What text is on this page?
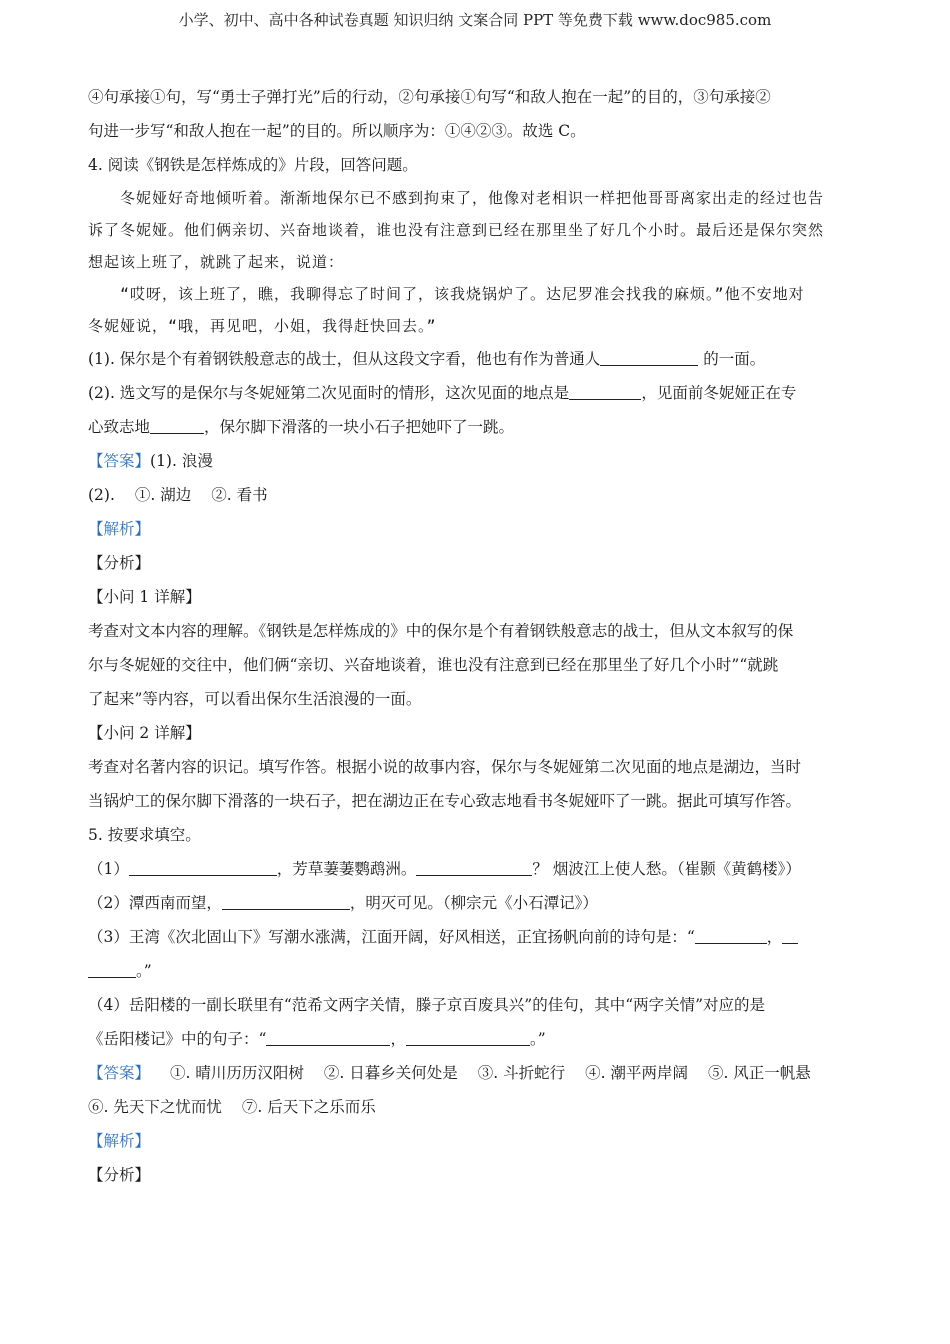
小学、初中、高中各种试卷真题 知识归纳 文案合同 PPT 等免费下载 www.doc985.com
④句承接①句，写“勇士子弹打光”后的行动，②句承接①句写“和敌人抱在一起”的目的，③句承接②
句进一步写“和敌人抱在一起”的目的。所以顺序为：①④②③。故选 C。
4. 阅读《钢铁是怎样炼成的》片段，回答问题。
冬妮娅好奇地倾听着。渐渐地保尔已不感到拘束了，他像对老相识一样把他哥哥离家出走的经过也告
诉了冬妮娅。他们俩亲切、兴奋地谈着，谁也没有注意到已经在那里坐了好几个小时。最后还是保尔突然
想起该上班了，就跳了起来，说道：
“哎呀，该上班了，瞧，我聊得忘了时间了，该我烧锅炉了。达尼罗准会找我的麻烦。”他不安地对
冬妮娅说，“哦，再见吧，小姐，我得赶快回去。”
(1). 保尔是个有着钢铁般意志的战士，但从这段文字看，他也有作为普通人	的一面。
(2). 选文写的是保尔与冬妮娅第二次见面时的情形，这次见面的地点是	，见面前冬妮娅正在专
心致志地	，保尔脚下滑落的一块小石子把她吓了一跳。
【答案】(1). 浪漫
(2). ①. 湖边 ②. 看书
【解析】
【分析】
【小问 1 详解】
考查对文本内容的理解。《钢铁是怎样炼成的》中的保尔是个有着钢铁般意志的战士，但从文本叙写的保
尔与冬妮娅的交往中，他们俩“亲切、兴奋地谈着，谁也没有注意到已经在那里坐了好几个小时”“就跳
了起来”等内容，可以看出保尔生活浪漫的一面。
【小问 2 详解】
考查对名著内容的识记。填写作答。根据小说的故事内容，保尔与冬妮娅第二次见面的地点是湖边，当时
当锅炉工的保尔脚下滑落的一块石子，把在湖边正在专心致志地看书冬妮娅吓了一跳。据此可填写作答。
5. 按要求填空。
（1）	，芳草萋萋鹦鹉洲。	？ 烟波江上使人愁。（崔颢《黄鹤楼》）
（2）潭西南而望，	，明灭可见。（柳宗元《小石潭记》）
（3）王湾《次北固山下》写潮水涨满，江面开阔，好风相送，正宜扬帆向前的诗句是：“	，
。”
（4）岳阳楼的一副长联里有“范希文两字关情，滕子京百废具兴”的佳句，其中“两字关情”对应的是
《岳阳楼记》中的句子：“	，	。”
【答案】 ①. 晴川历历汉阳树 ②. 日暮乡关何处是 ③. 斗折蛇行 ④. 潮平两岸阔 ⑤. 风正一帆悬
⑥. 先天下之忧而忧 ⑦. 后天下之乐而乐
【解析】
【分析】
